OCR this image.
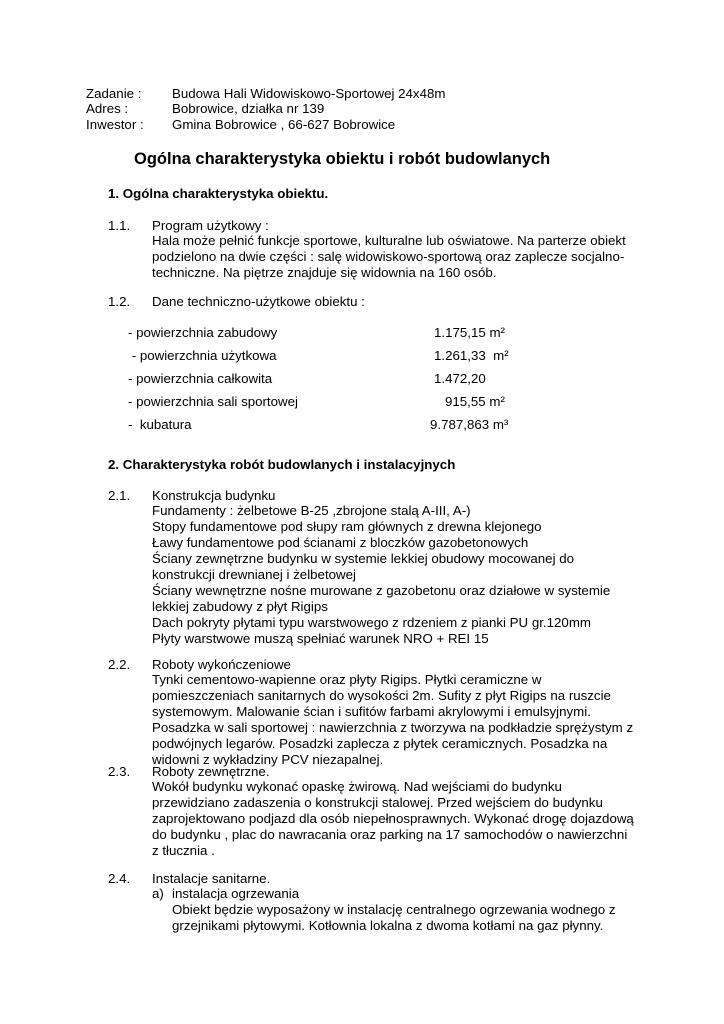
Zadanie : Budowa Hali Widowiskowo-Sportowej 24x48m
Adres :	Bobrowice, działka nr 139
Inwestor : Gmina Bobrowice , 66-627 Bobrowice
Ogólna charakterystyka obiektu i robót budowlanych
1. Ogólna charakterystyka obiektu.
1.1. Program użytkowy :
Hala może pełnić funkcje sportowe, kulturalne lub oświatowe. Na parterze obiekt
podzielono na dwie części : salę widowiskowo-sportową oraz zaplecze socjalno-
techniczne. Na piętrze znajduje się widownia na 160 osób.
1.2. Dane techniczno-użytkowe obiektu :
- powierzchnia zabudowy	1.175,15 m²
- powierzchnia użytkowa	1.261,33  m²
- powierzchnia całkowita	1.472,20
- powierzchnia sali sportowej	915,55 m²
-  kubatura	9.787,863 m³
2. Charakterystyka robót budowlanych i instalacyjnych
2.1. Konstrukcja budynku
Fundamenty : żelbetowe B-25 ,zbrojone stalą A-III, A-)
Stopy fundamentowe pod słupy ram głównych z drewna klejonego
Ławy fundamentowe pod ścianami z bloczków gazobetonowych
Ściany zewnętrzne budynku w systemie lekkiej obudowy mocowanej do
konstrukcji drewnianej i żelbetowej
Ściany wewnętrzne nośne murowane z gazobetonu oraz działowe w systemie
lekkiej zabudowy z płyt Rigips
Dach pokryty płytami typu warstwowego z rdzeniem z pianki PU gr.120mm
Płyty warstwowe muszą spełniać warunek NRO + REI 15
2.2. Roboty wykończeniowe
Tynki cementowo-wapienne oraz płyty Rigips. Płytki ceramiczne w
pomieszczeniach sanitarnych do wysokości 2m. Sufity z płyt Rigips na ruszcie
systemowym. Malowanie ścian i sufitów farbami akrylowymi i emulsyjnymi.
Posadzka w sali sportowej : nawierzchnia z tworzywa na podkładzie sprężystym z
podwójnych legarów. Posadzki zaplecza z płytek ceramicznych. Posadzka na
widowni z wykładziny PCV niezapalnej.
2.3. Roboty zewnętrzne.
Wokół budynku wykonać opaskę żwirową. Nad wejściami do budynku
przewidziano zadaszenia o konstrukcji stalowej. Przed wejściem do budynku
zaprojektowano podjazd dla osób niepełnosprawnych. Wykonać drogę dojazdową
do budynku , plac do nawracania oraz parking na 17 samochodów o nawierzchni
z tłucznia .
2.4. Instalacje sanitarne.
a) instalacja ogrzewania
Obiekt będzie wyposażony w instalację centralnego ogrzewania wodnego z
grzejnikami płytowymi. Kotłownia lokalna z dwoma kotłami na gaz płynny.
